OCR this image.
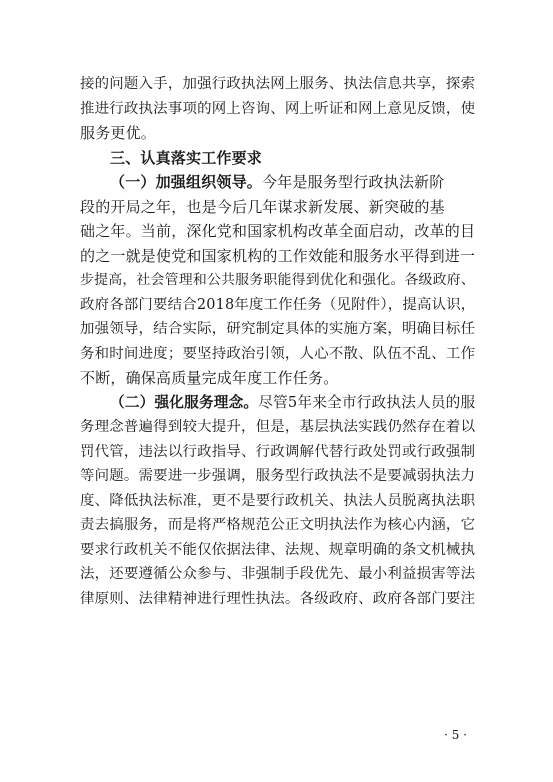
接的问题入手，加强行政执法网上服务、执法信息共享，探索
推进行政执法事项的网上咨询、网上听证和网上意见反馈，使
服务更优。
三、认真落实工作要求
（一）加强组织领导。今年是服务型行政执法新阶
段的开局之年，也是今后几年谋求新发展、新突破的基
础之年。当前，深化党和国家机构改革全面启动，改革的目
的之一就是使党和国家机构的工作效能和服务水平得到进一
步提高，社会管理和公共服务职能得到优化和强化。各级政府、
政府各部门要结合2018年度工作任务（见附件），提高认识，
加强领导，结合实际，研究制定具体的实施方案，明确目标任
务和时间进度；要坚持政治引领，人心不散、队伍不乱、工作
不断，确保高质量完成年度工作任务。
（二）强化服务理念。尽管5年来全市行政执法人员的服
务理念普遍得到较大提升，但是，基层执法实践仍然存在着以
罚代管，违法以行政指导、行政调解代替行政处罚或行政强制
等问题。需要进一步强调，服务型行政执法不是要减弱执法力
度、降低执法标准，更不是要行政机关、执法人员脱离执法职
责去搞服务，而是将严格规范公正文明执法作为核心内涵，它
要求行政机关不能仅依据法律、法规、规章明确的条文机械执
法，还要遵循公众参与、非强制手段优先、最小利益损害等法
律原则、法律精神进行理性执法。各级政府、政府各部门要注
· 5 ·
